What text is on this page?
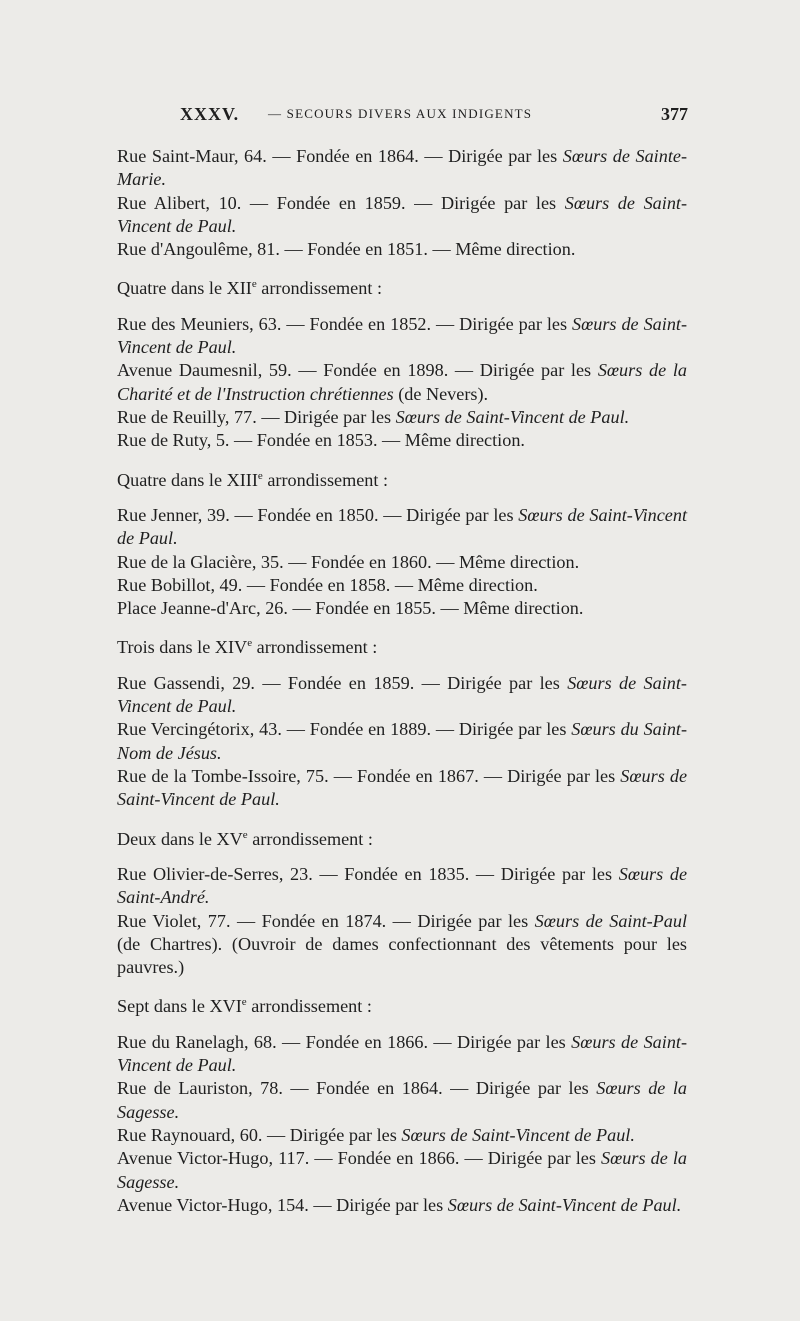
XXXV. — SECOURS DIVERS AUX INDIGENTS	377

Rue Saint-Maur, 64. — Fondée en 1864. — Dirigée par les Sœurs de Sainte-Marie.

Rue Alibert, 10. — Fondée en 1859. — Dirigée par les Sœurs de Saint-Vincent de Paul.

Rue d'Angoulême, 81. — Fondée en 1851. — Même direction.

Quatre dans le XIIe arrondissement :

Rue des Meuniers, 63. — Fondée en 1852. — Dirigée par les Sœurs de Saint-Vincent de Paul.

Avenue Daumesnil, 59. — Fondée en 1898. — Dirigée par les Sœurs de la Charité et de l'Instruction chrétiennes (de Nevers).

Rue de Reuilly, 77. — Dirigée par les Sœurs de Saint-Vincent de Paul.

Rue de Ruty, 5. — Fondée en 1853. — Même direction.

Quatre dans le XIIIe arrondissement :

Rue Jenner, 39. — Fondée en 1850. — Dirigée par les Sœurs de Saint-Vincent de Paul.

Rue de la Glacière, 35. — Fondée en 1860. — Même direction.

Rue Bobillot, 49. — Fondée en 1858. — Même direction.

Place Jeanne-d'Arc, 26. — Fondée en 1855. — Même direction.

Trois dans le XIVe arrondissement :

Rue Gassendi, 29. — Fondée en 1859. — Dirigée par les Sœurs de Saint-Vincent de Paul.

Rue Vercingétorix, 43. — Fondée en 1889. — Dirigée par les Sœurs du Saint-Nom de Jésus.

Rue de la Tombe-Issoire, 75. — Fondée en 1867. — Dirigée par les Sœurs de Saint-Vincent de Paul.

Deux dans le XVe arrondissement :

Rue Olivier-de-Serres, 23. — Fondée en 1835. — Dirigée par les Sœurs de Saint-André.

Rue Violet, 77. — Fondée en 1874. — Dirigée par les Sœurs de Saint-Paul (de Chartres). (Ouvroir de dames confectionnant des vêtements pour les pauvres.)

Sept dans le XVIe arrondissement :

Rue du Ranelagh, 68. — Fondée en 1866. — Dirigée par les Sœurs de Saint-Vincent de Paul.

Rue de Lauriston, 78. — Fondée en 1864. — Dirigée par les Sœurs de la Sagesse.

Rue Raynouard, 60. — Dirigée par les Sœurs de Saint-Vincent de Paul.

Avenue Victor-Hugo, 117. — Fondée en 1866. — Dirigée par les Sœurs de la Sagesse.

Avenue Victor-Hugo, 154. — Dirigée par les Sœurs de Saint-Vincent de Paul.
